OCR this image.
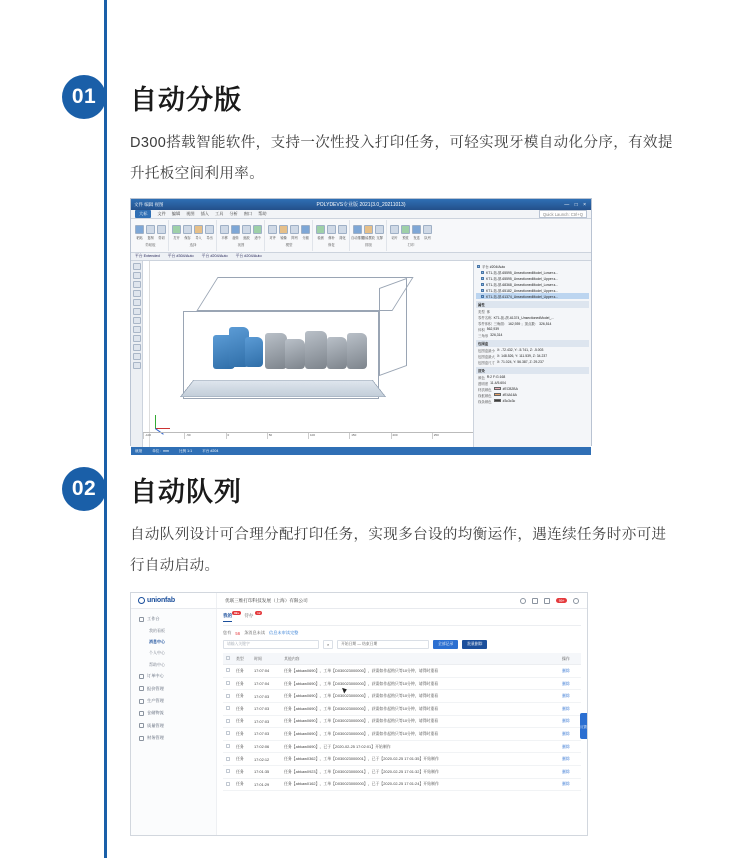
01	自动分版
D300搭载智能软件，支持一次性投入打印任务，可轻实现牙模自动化分序，有效提升托板空间利用率。
文件 编辑 视图	POLYDEVS专业版 2021(3.0_20211013)	— □ ×
大标	文件 编辑 视图 插入 工具 分析 窗口 帮助	Quick Launch: Ctrl+Q
粘贴 复制 剪切
剪贴板
打开 保存 导入 导出
选择
平移 旋转 缩放 适中
视图
对齐 镜像 阵列 分割
模型
检测 修补 简化
修复
自动排版
智能摆放 支撑
排版
切片 预览 发送 队列
打印
平台 Extended 平台 #304/Auto 平台 #204/Auto 平台 #204/Auto
-100	-50	0	50	100	150	200	250
平台 #204/Auto
KT1-拓-颌-65595_UnsectionedModel_Lower.s...
KT1-拓-颌-65595_UnsectionedModel_Upper.s...
KT1-拓-颌-68368_UnsectionedModel_Lower.s...
KT1-拓-颌-65182_UnsectionedModel_Upper.s...
KT1-拓-颌-61374_UnsectionedModel_Upper.s...
属性
类型 体
零件名称 KT1-拓-颌-61374_UnsectionedModel_...
零件体积 三角面： 162,939 ；顶点数： 326,514
体积 562,939
三角形 326,314
包围盒
包围盒最小 X: -72.432, Y: -5.741, Z: -5.003
包围盒最大 X: 148.526, Y: 111.539, Z: 34.237
包围盒尺寸 X: 71.024, Y: 56.387, Z: 29.237
渲染
颜色 R:2 F:G:168
透明度 11.4/5.604
材质颜色	#ECB2BA
线框颜色	#E4A16A
线条颜色	#3c3c3c
就绪	单位：mm	比例 1:1	平台 #204
02	自动队列
自动队列设计可合理分配打印任务，实现多台设的均衡运作，遇连续任务时亦可进行自动启动。
unionfab	优联三维打印科技发展（上海）有限公司	99+
工作台
我的看板
消息中心
个人中心
帮助中心
订单中心
报价管理
生产管理
仓储物流
质量管理
财务管理
我的
99+
待办
12
您有 56 条消息未读 信息未审读完整
请输入关键字	⌕	开始日期 — 结束日期	全部记录	批量删除
	类型	时间	其他内容	操作
	任务	17:07:04	任务【abkaw0690】，工单【D030023000000】，获需如作起购只等10分钟，请得时重看	删除
	任务	17:07:04	任务【abkaw0690】，工单【D030023000000】，获需如作起购只等10分钟，请得时重看	删除
	任务	17:07:03	任务【abkaw0690】，工单【D030023000000】，获需如作起购只等10分钟，请得时重看	删除
	任务	17:07:03	任务【abkaw0690】，工单【D030023000000】，获需如作起购只等10分钟，请得时重看	删除
	任务	17:07:03	任务【abkaw0690】，工单【D030023000000】，获需如作起购只等10分钟，请得时重看	删除
	任务	17:07:03	任务【abkaw0690】，工单【D030023000000】，获需如作起购只等10分钟，请得时重看	删除
	任务	17:02:06	任务【abkaw0690】，已于【2020-02-25 17:02:01】开始制作	删除
	任务	17:02:12	任务【abkaw0362】，工单【D030023000001】，已于【2020-02-25 17:01:35】开始制作	删除
	任务	17:01:35	任务【abkaw0923】，工单【D030023000001】，已于【2020-02-25 17:01:32】开始制作	删除
	任务	17:01:29	任务【abkaw0162】，工单【D030023000000】，已于【2020-02-25 17:01:24】开始制作	删除
反馈
